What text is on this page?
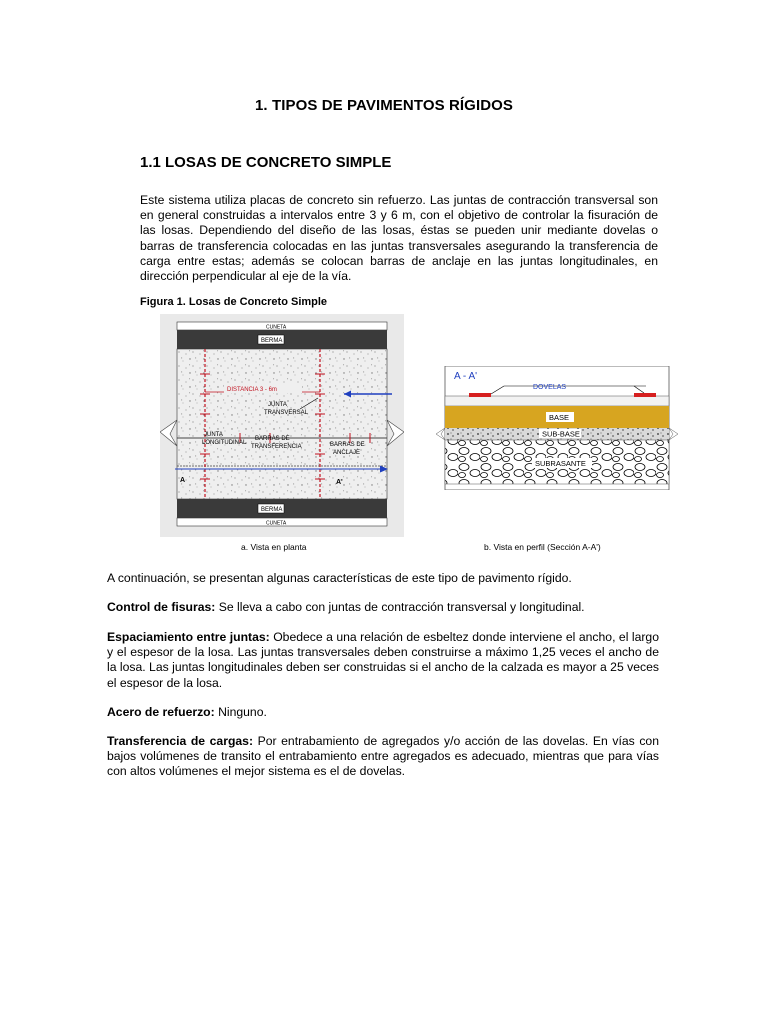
1. TIPOS DE PAVIMENTOS RÍGIDOS
1.1 LOSAS DE CONCRETO SIMPLE
Este sistema utiliza placas de concreto sin refuerzo. Las juntas de contracción transversal son en general construidas a intervalos entre 3 y 6 m, con el objetivo de controlar la fisuración de las losas. Dependiendo del diseño de las losas, éstas se pueden unir mediante dovelas o barras de transferencia colocadas en las juntas transversales asegurando la transferencia de carga entre estas; además se colocan barras de anclaje en las juntas longitudinales, en dirección perpendicular al eje de la vía.
Figura 1. Losas de Concreto Simple
CUNETA
BERMA
DISTANCIA 3 - 6m
JUNTA
TRANSVERSAL
JUNTA
LONGITUDINAL
BARRAS DE
TRANSFERENCIA	BARRAS DE
ANCLAJE
A	A'
BERMA
CUNETA
A - A'
DOVELAS
BASE
SUB-BASE
SUBRASANTE
a. Vista en planta	b. Vista en perfil (Sección A-A')
A continuación, se presentan algunas características de este tipo de pavimento rígido.
Control de fisuras: Se lleva a cabo con juntas de contracción transversal y longitudinal.
Espaciamiento entre juntas: Obedece a una relación de esbeltez donde interviene el ancho, el largo y el espesor de la losa. Las juntas transversales deben construirse a máximo 1,25 veces el ancho de la losa. Las juntas longitudinales deben ser construidas si el ancho de la calzada es mayor a 25 veces el espesor de la losa.
Acero de refuerzo: Ninguno.
Transferencia de cargas: Por entrabamiento de agregados y/o acción de las dovelas. En vías con bajos volúmenes de transito el entrabamiento entre agregados es adecuado, mientras que para vías con altos volúmenes el mejor sistema es el de dovelas.
